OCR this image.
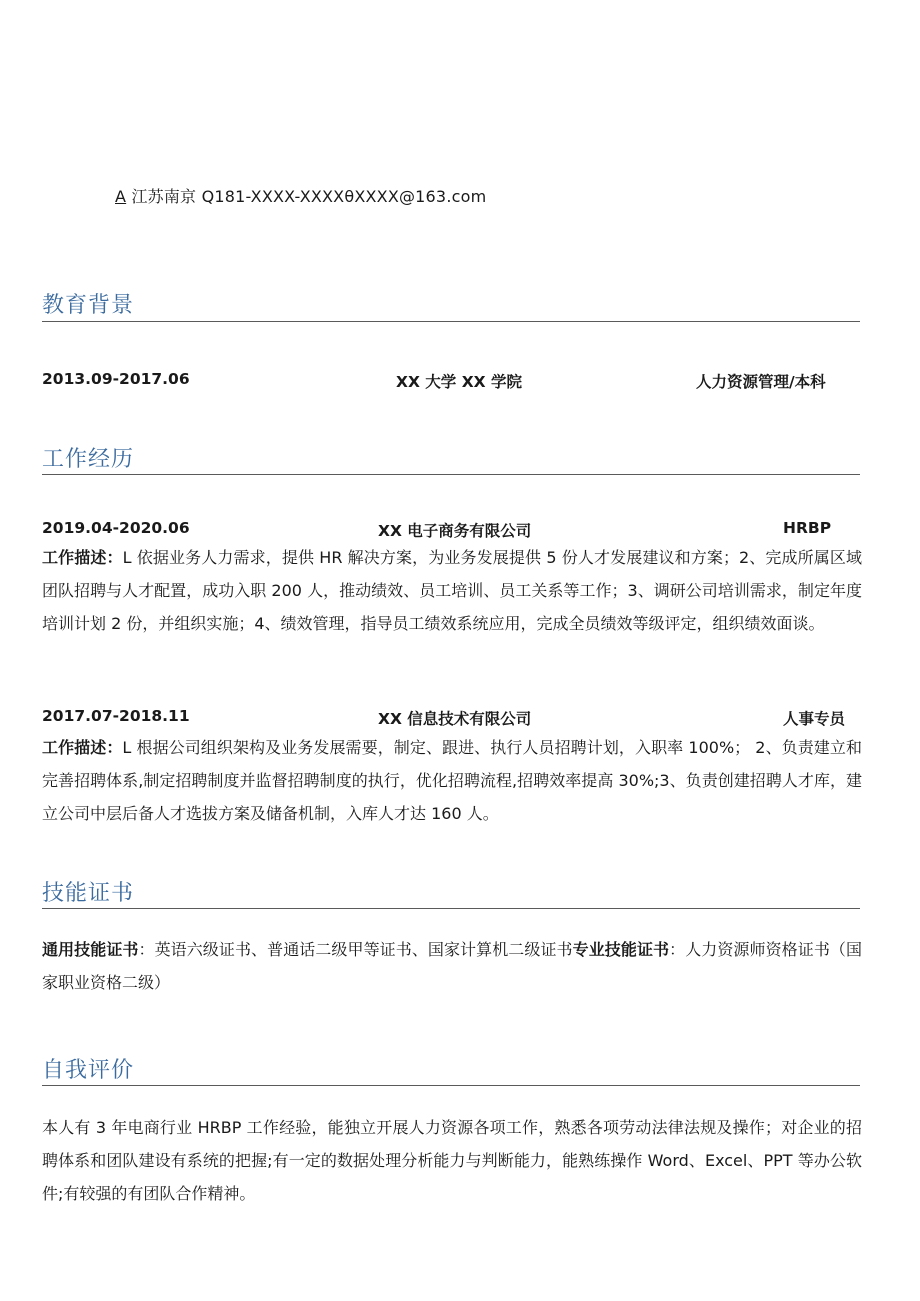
A 江苏南京 Q181-XXXX-XXXXθXXXX@163.com
教育背景
2013.09-2017.06	XX 大学 XX 学院	人力资源管理/本科
工作经历
2019.04-2020.06	XX 电子商务有限公司	HRBP
工作描述：L 依据业务人力需求，提供 HR 解决方案，为业务发展提供 5 份人才发展建议和方案；2、完成所属区域团队招聘与人才配置，成功入职 200 人，推动绩效、员工培训、员工关系等工作；3、调研公司培训需求，制定年度培训计划 2 份，并组织实施；4、绩效管理，指导员工绩效系统应用，完成全员绩效等级评定，组织绩效面谈。
2017.07-2018.11	XX 信息技术有限公司	人事专员
工作描述：L 根据公司组织架构及业务发展需要，制定、跟进、执行人员招聘计划，入职率 100%； 2、负责建立和完善招聘体系,制定招聘制度并监督招聘制度的执行，优化招聘流程,招聘效率提高 30%;3、负责创建招聘人才库，建立公司中层后备人才选拔方案及储备机制，入库人才达 160 人。
技能证书
通用技能证书：英语六级证书、普通话二级甲等证书、国家计算机二级证书专业技能证书：人力资源师资格证书（国家职业资格二级）
自我评价
本人有 3 年电商行业 HRBP 工作经验，能独立开展人力资源各项工作，熟悉各项劳动法律法规及操作；对企业的招聘体系和团队建设有系统的把握;有一定的数据处理分析能力与判断能力，能熟练操作 Word、Excel、PPT 等办公软件;有较强的有团队合作精神。
